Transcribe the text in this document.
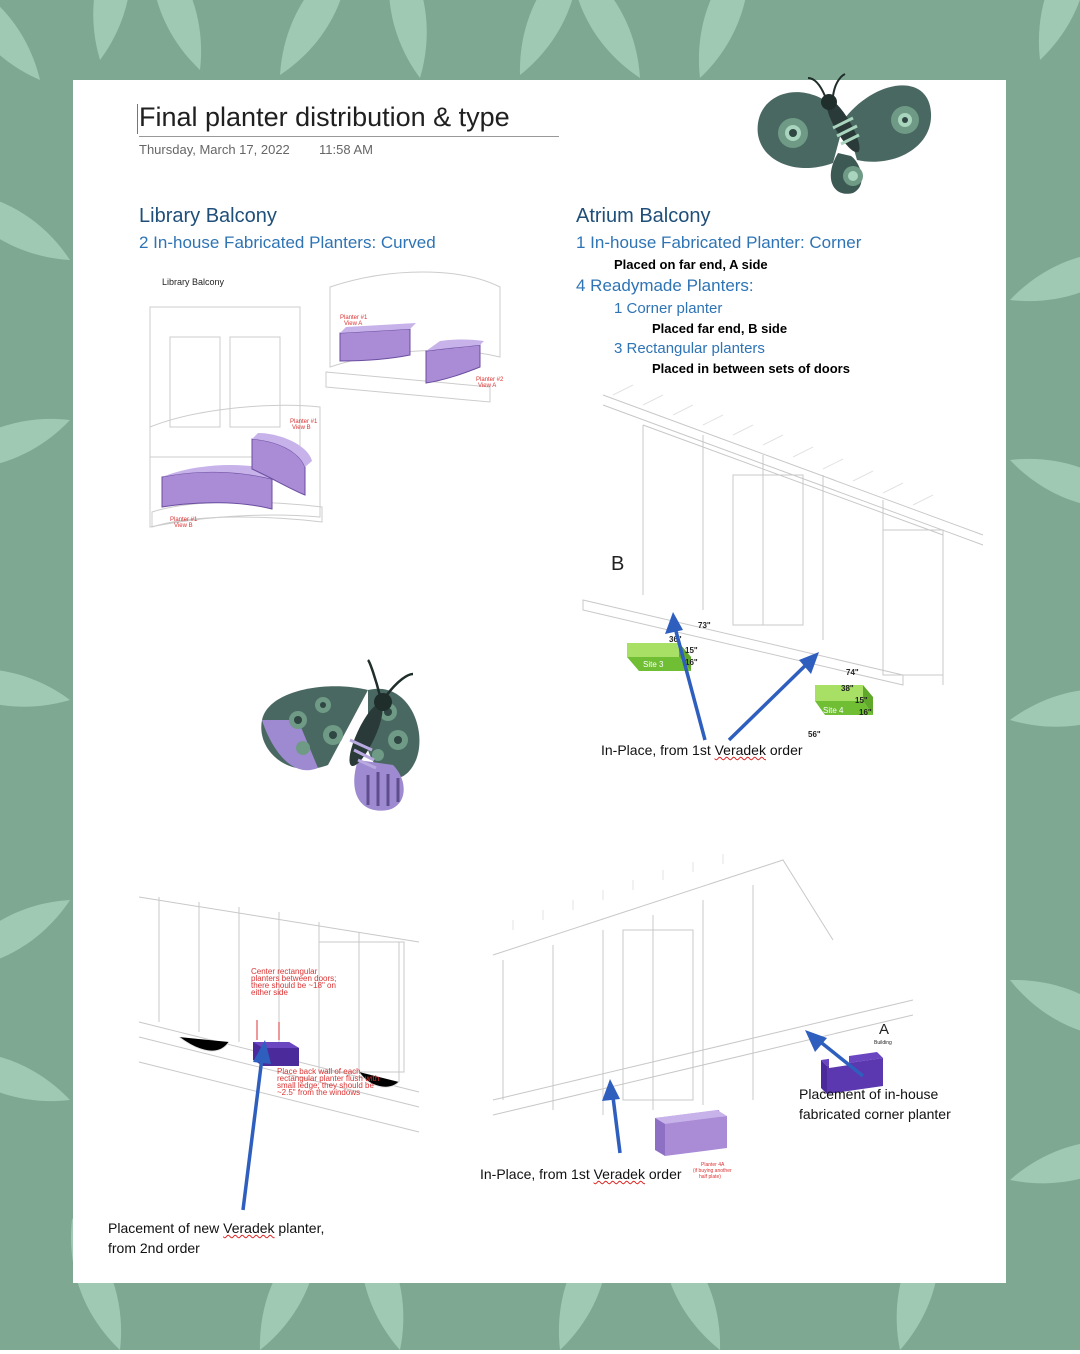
Final planter distribution & type
Thursday, March 17, 2022 11:58 AM
Library Balcony
2 In-house Fabricated Planters: Curved
Library Balcony
Planter #1
View A
Planter #1
View B
Planter #1
View B
Planter #2
View A
Atrium Balcony
1 In-house Fabricated Planter: Corner
Placed on far end, A side
4 Readymade Planters:
1 Corner planter
Placed far end, B side
3 Rectangular planters
Placed in between sets of doors
B
Site 3
Site 4
36"
15"
16"
73"
74"
38"
15"
16"
56"
In-Place, from 1st Veradek order
Center rectangular
planters between doors;
there should be ~18" on
either side
Place back wall of each
rectangular planter flush with
small ledge; they should be
~2.5" from the windows
A
Building
Planter 4A
(if buying another
half plate)
Placement of in-house
fabricated corner planter
In-Place, from 1st Veradek order
Placement of new Veradek planter,
from 2nd order
